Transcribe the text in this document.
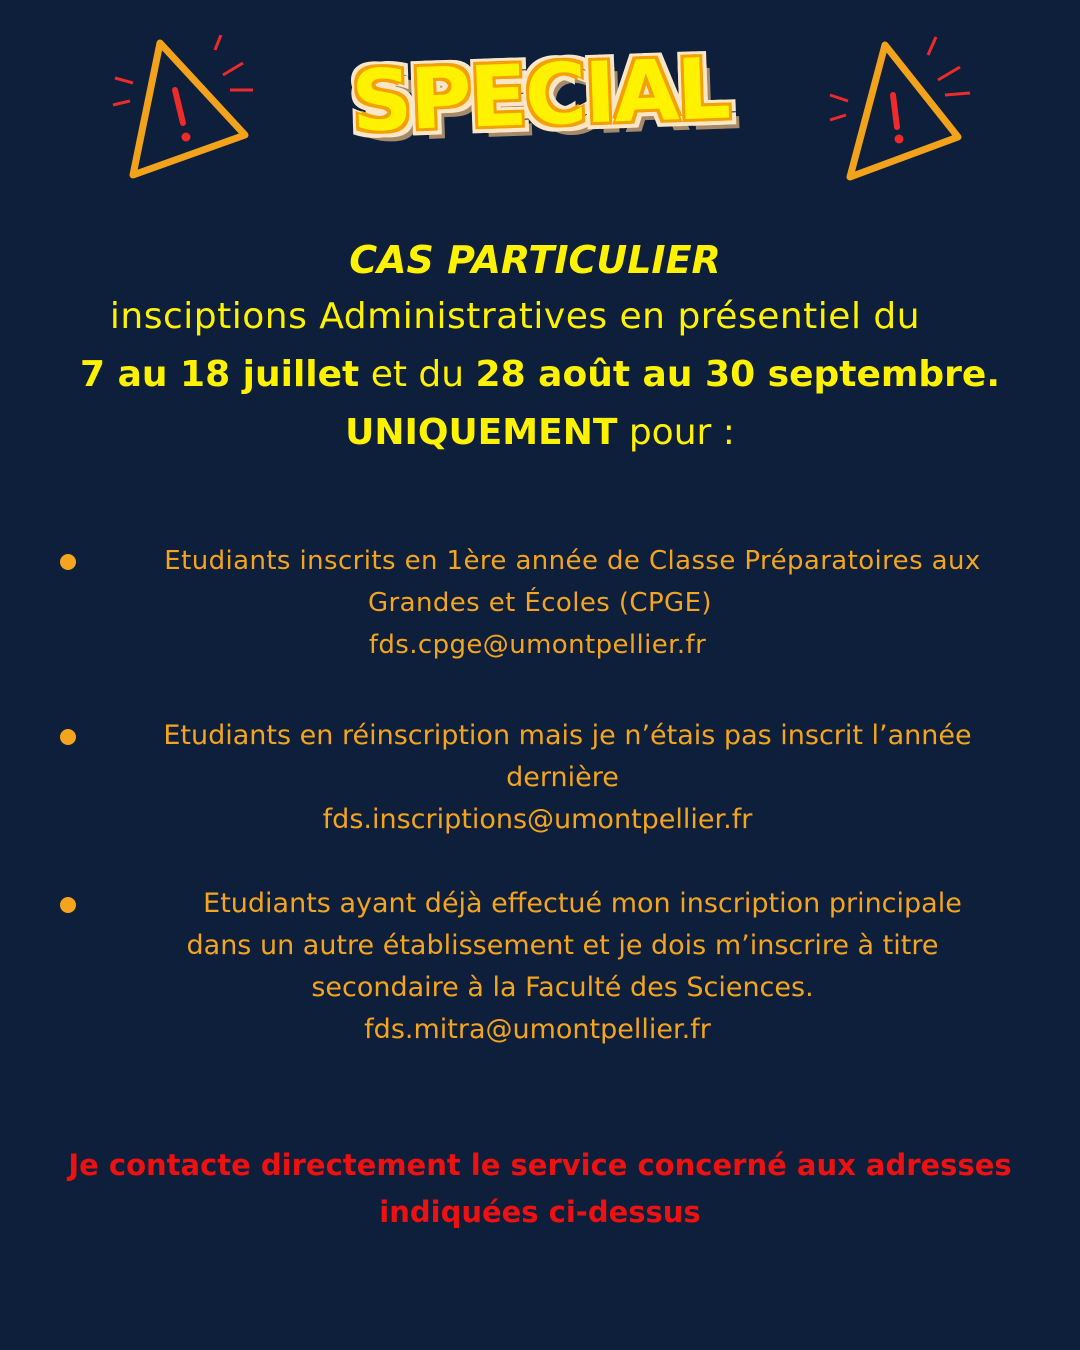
SPECIAL
CAS PARTICULIER
insciptions Administratives en présentiel du
7 au 18 juillet et du 28 août au 30 septembre.
UNIQUEMENT pour :
Etudiants inscrits en 1ère année de Classe Préparatoires aux
Grandes et Écoles (CPGE)
fds.cpge@umontpellier.fr
Etudiants en réinscription mais je n’étais pas inscrit l’année
dernière
fds.inscriptions@umontpellier.fr
Etudiants ayant déjà effectué mon inscription principale
dans un autre établissement et je dois m’inscrire à titre
secondaire à la Faculté des Sciences.
fds.mitra@umontpellier.fr
Je contacte directement le service concerné aux adresses
indiquées ci-dessus
